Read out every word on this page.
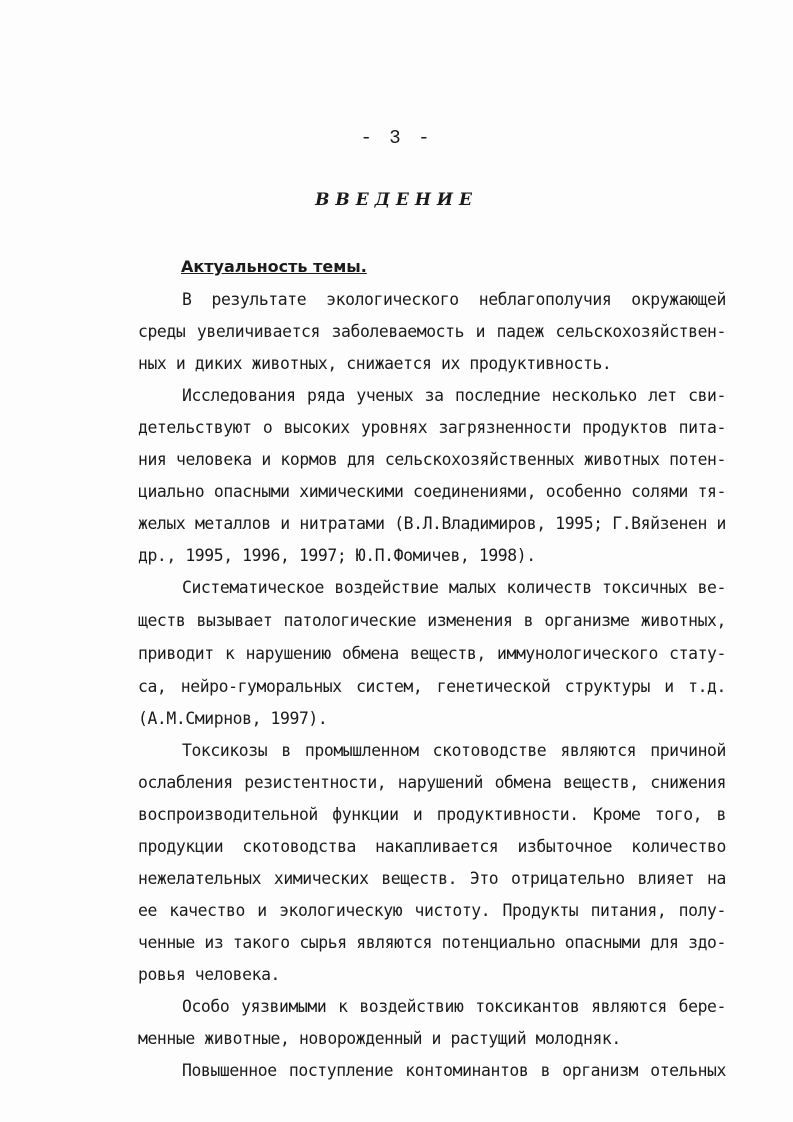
- 3 -
ВВЕДЕНИЕ
Актуальность темы.
В результате экологического неблагополучия окружающей
среды увеличивается заболеваемость и падеж сельскохозяйствен-
ных и диких животных, снижается их продуктивность.
Исследования ряда ученых за последние несколько лет сви-
детельствуют о высоких уровнях загрязненности продуктов пита-
ния человека и кормов для сельскохозяйственных животных потен-
циально опасными химическими соединениями, особенно солями тя-
желых металлов и нитратами (В.Л.Владимиров, 1995; Г.Вяйзенен и
др., 1995, 1996, 1997; Ю.П.Фомичев, 1998).
Систематическое воздействие малых количеств токсичных ве-
ществ вызывает патологические изменения в организме животных,
приводит к нарушению обмена веществ, иммунологического стату-
са, нейро-гуморальных систем, генетической структуры и т.д.
(А.М.Смирнов, 1997).
Токсикозы в промышленном скотоводстве являются причиной
ослабления резистентности, нарушений обмена веществ, снижения
воспроизводительной функции и продуктивности. Кроме того, в
продукции скотоводства накапливается избыточное количество
нежелательных химических веществ. Это отрицательно влияет на
ее качество и экологическую чистоту. Продукты питания, полу-
ченные из такого сырья являются потенциально опасными для здо-
ровья человека.
Особо уязвимыми к воздействию токсикантов являются бере-
менные животные, новорожденный и растущий молодняк.
Повышенное поступление контоминантов в организм отельных
